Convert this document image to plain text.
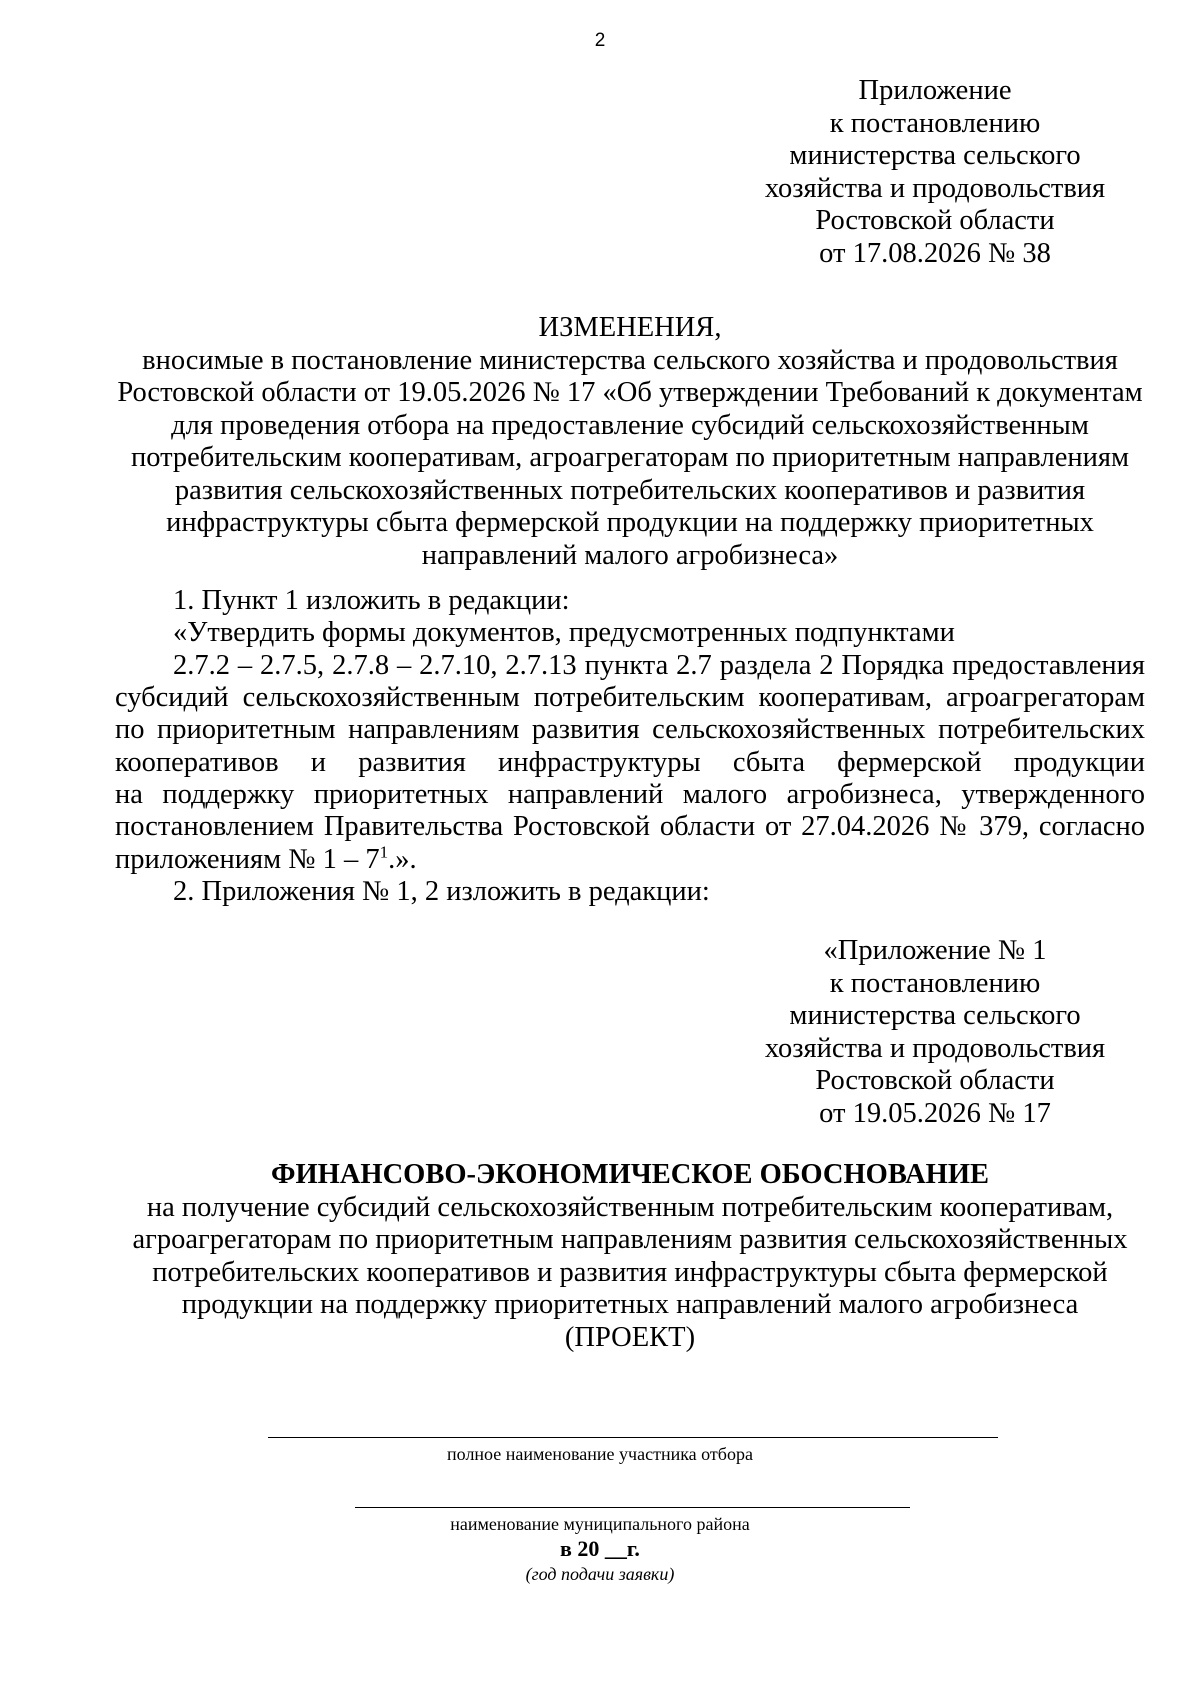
2
Приложение
к постановлению
министерства сельского
хозяйства и продовольствия
Ростовской области
от 17.08.2026 № 38
ИЗМЕНЕНИЯ,
вносимые в постановление министерства сельского хозяйства и продовольствия
Ростовской области от 19.05.2026 № 17 «Об утверждении Требований к документам
для проведения отбора на предоставление субсидий сельскохозяйственным
потребительским кооперативам, агроагрегаторам по приоритетным направлениям
развития сельскохозяйственных потребительских кооперативов и развития
инфраструктуры сбыта фермерской продукции на поддержку приоритетных
направлений малого агробизнеса»
1. Пункт 1 изложить в редакции:
«Утвердить формы документов, предусмотренных подпунктами
2.7.2 – 2.7.5, 2.7.8 – 2.7.10, 2.7.13 пункта 2.7 раздела 2 Порядка предоставления
субсидий сельскохозяйственным потребительским кооперативам, агроагрегаторам
по приоритетным направлениям развития сельскохозяйственных потребительских
кооперативов и развития инфраструктуры сбыта фермерской продукции
на поддержку приоритетных направлений малого агробизнеса, утвержденного
постановлением Правительства Ростовской области от 27.04.2026 № 379, согласно
приложениям № $1 - 7^1$.».
2. Приложения № 1, 2 изложить в редакции:
«Приложение № 1
к постановлению
министерства сельского
хозяйства и продовольствия
Ростовской области
от 19.05.2026 № 17
ФИНАНСОВО-ЭКОНОМИЧЕСКОЕ ОБОСНОВАНИЕ
на получение субсидий сельскохозяйственным потребительским кооперативам,
агроагрегаторам по приоритетным направлениям развития сельскохозяйственных
потребительских кооперативов и развития инфраструктуры сбыта фермерской
продукции на поддержку приоритетных направлений малого агробизнеса
(ПРОЕКТ)
полное наименование участника отбора
наименование муниципального района
в 20 __г.
(год подачи заявки)
